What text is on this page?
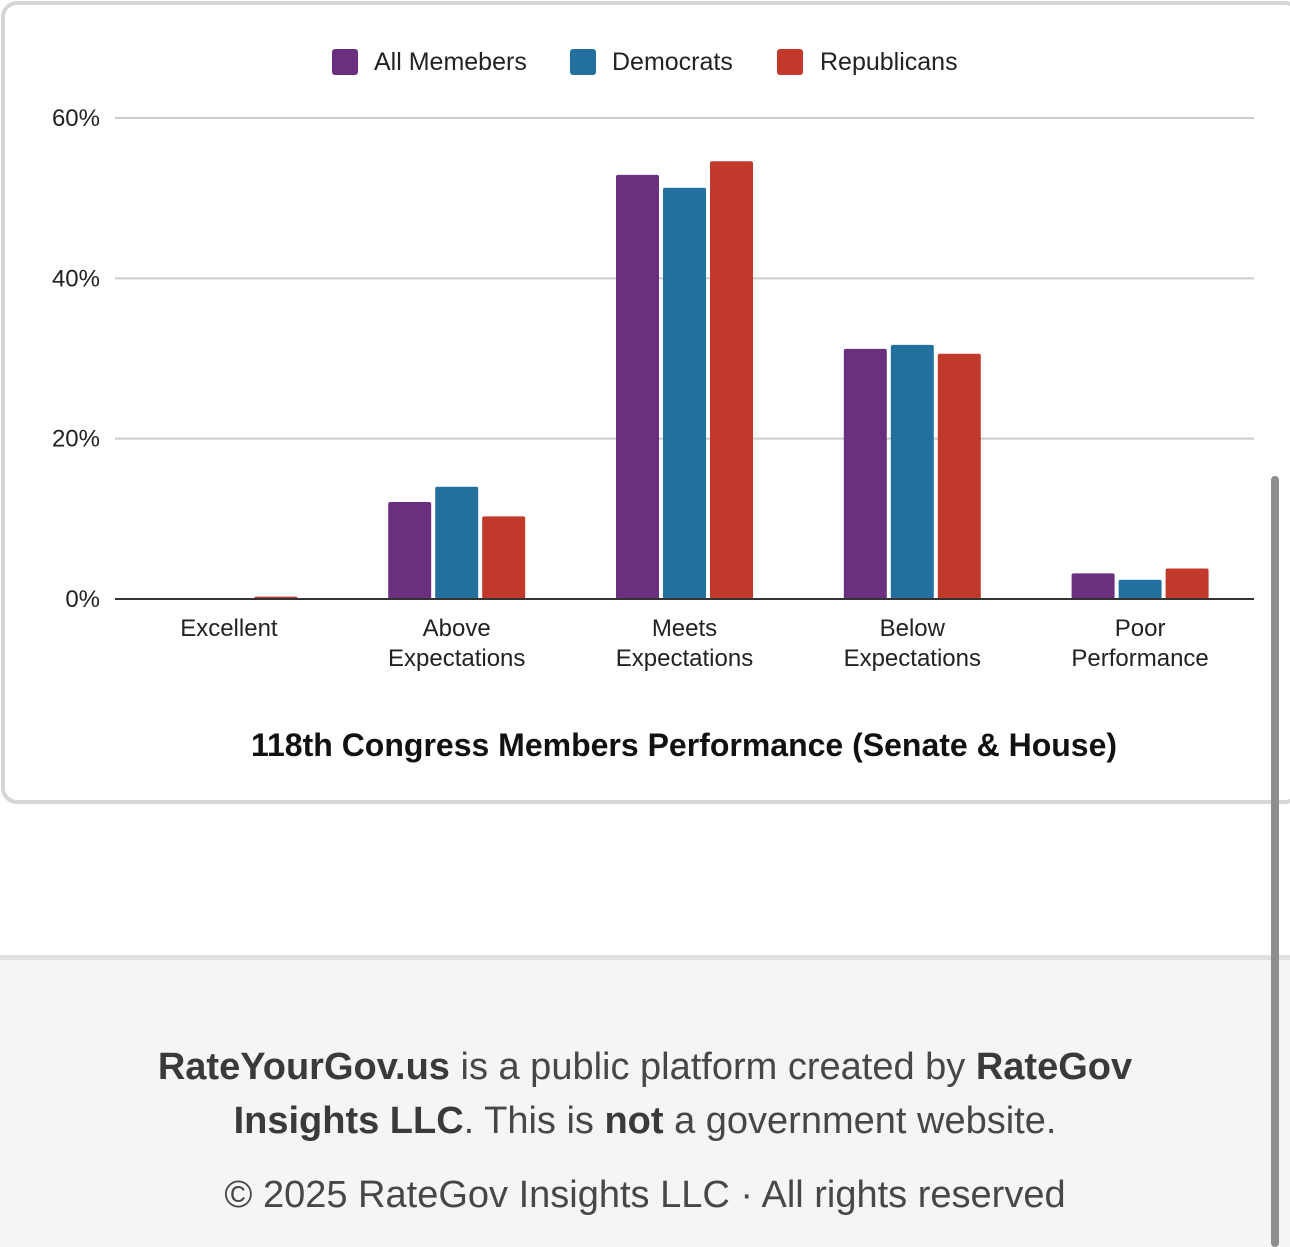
0%
20%
40%
60%
Excellent	Above
Expectations
Meets
Expectations
Below
Expectations
Poor
Performance
All Memebers	Democrats	Republicans
118th Congress Members Performance (Senate & House)
RateYourGov.us is a public platform created by RateGov Insights LLC. This is not a government website.
© 2025 RateGov Insights LLC · All rights reserved
